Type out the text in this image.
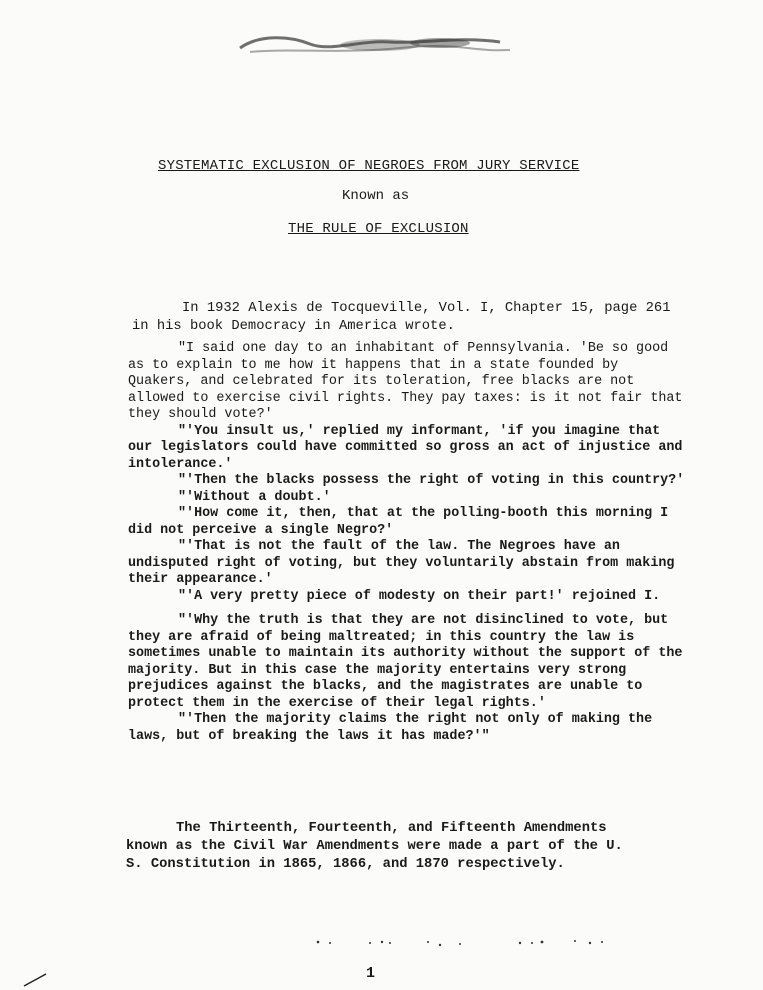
SYSTEMATIC EXCLUSION OF NEGROES FROM JURY SERVICE
Known as
THE RULE OF EXCLUSION

In 1932 Alexis de Tocqueville, Vol. I, Chapter 15, page 261 in his book Democracy in America wrote.

"I said one day to an inhabitant of Pennsylvania. 'Be so good as to explain to me how it happens that in a state founded by Quakers, and celebrated for its toleration, free blacks are not allowed to exercise civil rights. They pay taxes: is it not fair that they should vote?'

"'You insult us,' replied my informant, 'if you imagine that our legislators could have committed so gross an act of injustice and intolerance.'

"'Then the blacks possess the right of voting in this country?'

"'Without a doubt.'

"'How come it, then, that at the polling-booth this morning I did not perceive a single Negro?'

"'That is not the fault of the law. The Negroes have an undisputed right of voting, but they voluntarily abstain from making their appearance.'

"'A very pretty piece of modesty on their part!' rejoined I.

"'Why the truth is that they are not disinclined to vote, but they are afraid of being maltreated; in this country the law is sometimes unable to maintain its authority without the support of the majority. But in this case the majority entertains very strong prejudices against the blacks, and the magistrates are unable to protect them in the exercise of their legal rights.'

"'Then the majority claims the right not only of making the laws, but of breaking the laws it has made?'"

The Thirteenth, Fourteenth, and Fifteenth Amendments known as the Civil War Amendments were made a part of the U. S. Constitution in 1865, 1866, and 1870 respectively.

1
